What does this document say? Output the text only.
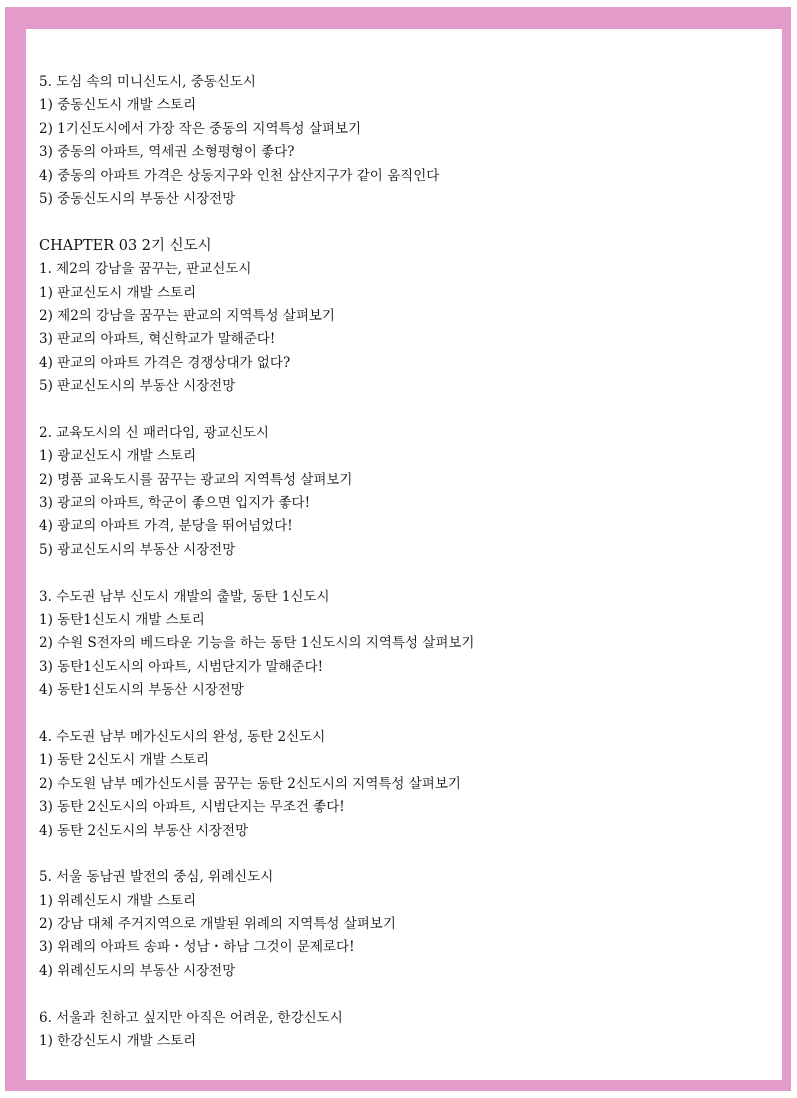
5. 도심 속의 미니신도시, 중동신도시
1) 중동신도시 개발 스토리
2) 1기신도시에서 가장 작은 중동의 지역특성 살펴보기
3) 중동의 아파트, 역세권 소형평형이 좋다?
4) 중동의 아파트 가격은 상동지구와 인천 삼산지구가 같이 움직인다
5) 중동신도시의 부동산 시장전망
CHAPTER 03 2기 신도시
1. 제2의 강남을 꿈꾸는, 판교신도시
1) 판교신도시 개발 스토리
2) 제2의 강남을 꿈꾸는 판교의 지역특성 살펴보기
3) 판교의 아파트, 혁신학교가 말해준다!
4) 판교의 아파트 가격은 경쟁상대가 없다?
5) 판교신도시의 부동산 시장전망
2. 교육도시의 신 패러다임, 광교신도시
1) 광교신도시 개발 스토리
2) 명품 교육도시를 꿈꾸는 광교의 지역특성 살펴보기
3) 광교의 아파트, 학군이 좋으면 입지가 좋다!
4) 광교의 아파트 가격, 분당을 뛰어넘었다!
5) 광교신도시의 부동산 시장전망
3. 수도권 남부 신도시 개발의 출발, 동탄 1신도시
1) 동탄1신도시 개발 스토리
2) 수원 S전자의 베드타운 기능을 하는 동탄 1신도시의 지역특성 살펴보기
3) 동탄1신도시의 아파트, 시범단지가 말해준다!
4) 동탄1신도시의 부동산 시장전망
4. 수도권 남부 메가신도시의 완성, 동탄 2신도시
1) 동탄 2신도시 개발 스토리
2) 수도원 남부 메가신도시를 꿈꾸는 동탄 2신도시의 지역특성 살펴보기
3) 동탄 2신도시의 아파트, 시범단지는 무조건 좋다!
4) 동탄 2신도시의 부동산 시장전망
5. 서울 동남권 발전의 중심, 위례신도시
1) 위례신도시 개발 스토리
2) 강남 대체 주거지역으로 개발된 위례의 지역특성 살펴보기
3) 위례의 아파트 송파・성남・하남 그것이 문제로다!
4) 위례신도시의 부동산 시장전망
6. 서울과 친하고 싶지만 아직은 어려운, 한강신도시
1) 한강신도시 개발 스토리
